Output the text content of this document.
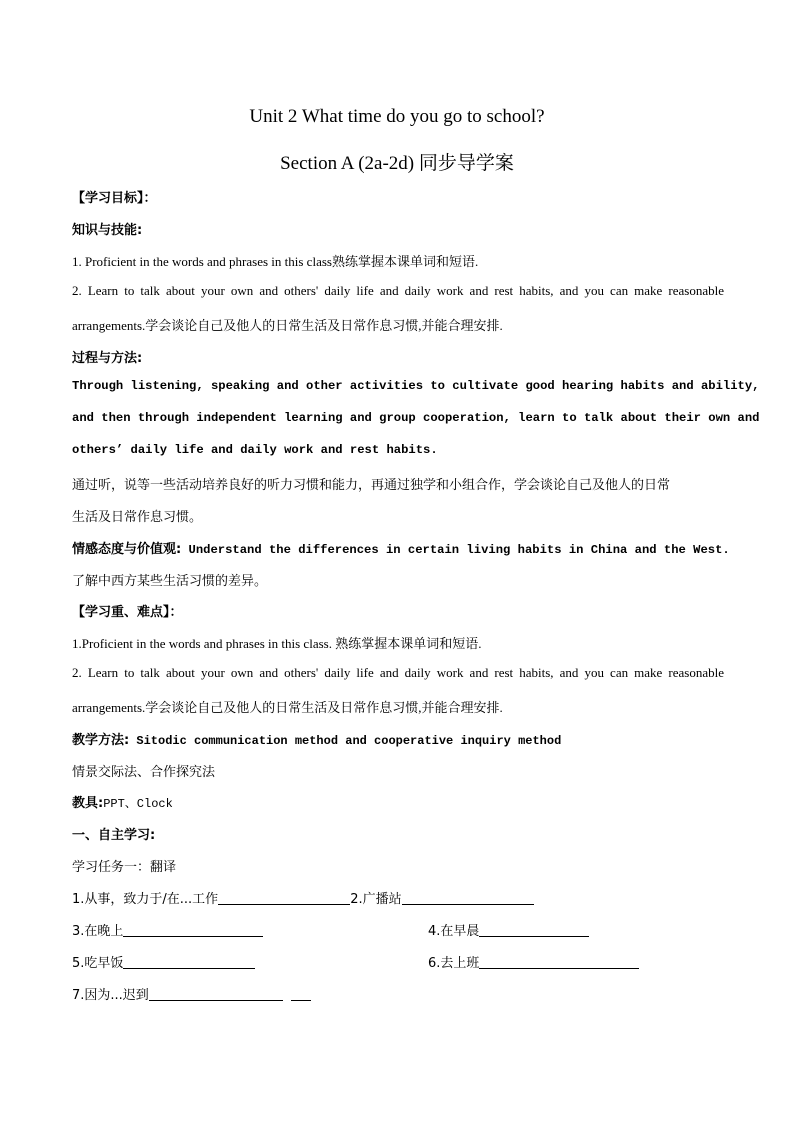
Unit 2 What time do you go to school?
Section A (2a-2d) 同步导学案
【学习目标】：
知识与技能:
1. Proficient in the words and phrases in this class熟练掌握本课单词和短语.
2. Learn to talk about your own and others' daily life and daily work and rest habits, and you can make reasonable
arrangements.学会谈论自己及他人的日常生活及日常作息习惯,并能合理安排.
过程与方法:
Through listening, speaking and other activities to cultivate good hearing habits and ability,
and then through independent learning and group cooperation, learn to talk about their own and
others’ daily life and daily work and rest habits.
通过听，说等一些活动培养良好的听力习惯和能力，再通过独学和小组合作，学会谈论自己及他人的日常
生活及日常作息习惯。
情感态度与价值观: Understand the differences in certain living habits in China and the West.
了解中西方某些生活习惯的差异。
【学习重、难点】：
1.Proficient in the words and phrases in this class. 熟练掌握本课单词和短语.
2. Learn to talk about your own and others' daily life and daily work and rest habits, and you can make reasonable
arrangements.学会谈论自己及他人的日常生活及日常作息习惯,并能合理安排.
教学方法: Sitodic communication method and cooperative inquiry method
情景交际法、合作探究法
教具:PPT、Clock
一、自主学习:
学习任务一：翻译
1.从事，致力于/在...工作	2.广播站
3.在晚上	4.在早晨
5.吃早饭	6.去上班
7.因为...迟到
